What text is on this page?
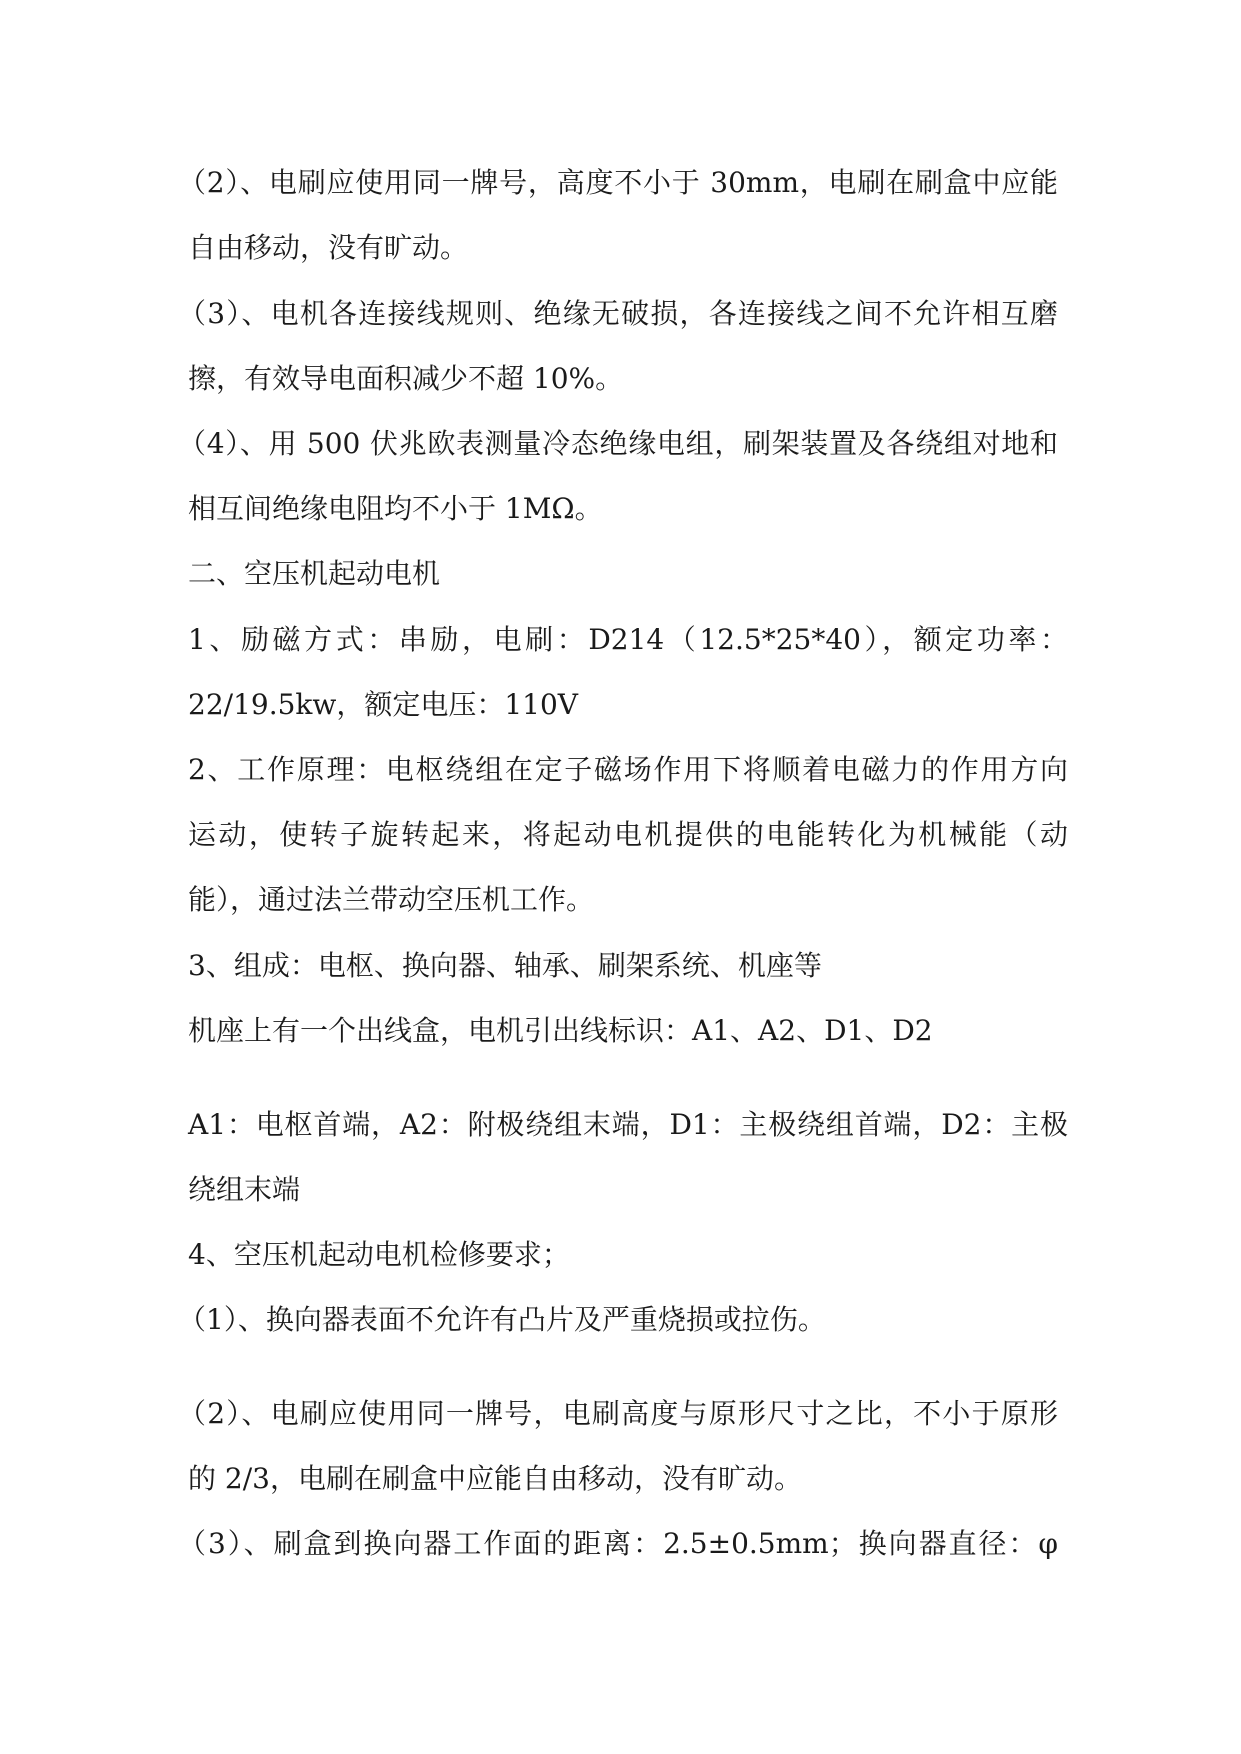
（2）、电刷应使用同一牌号，高度不小于 30mm，电刷在刷盒中应能
自由移动，没有旷动。
（3）、电机各连接线规则、绝缘无破损，各连接线之间不允许相互磨
擦，有效导电面积减少不超 10%。
（4）、用 500 伏兆欧表测量冷态绝缘电组，刷架装置及各绕组对地和
相互间绝缘电阻均不小于 1MΩ。
二、空压机起动电机
1、励磁方式：串励，电刷：D214（12.5*25*40），额定功率：
22/19.5kw，额定电压：110V
2、工作原理：电枢绕组在定子磁场作用下将顺着电磁力的作用方向
运动，使转子旋转起来，将起动电机提供的电能转化为机械能（动
能），通过法兰带动空压机工作。
3、组成：电枢、换向器、轴承、刷架系统、机座等
机座上有一个出线盒，电机引出线标识：A1、A2、D1、D2
A1：电枢首端，A2：附极绕组末端，D1：主极绕组首端，D2：主极
绕组末端
4、空压机起动电机检修要求；
（1）、换向器表面不允许有凸片及严重烧损或拉伤。
（2）、电刷应使用同一牌号，电刷高度与原形尺寸之比，不小于原形
的 2/3，电刷在刷盒中应能自由移动，没有旷动。
（3）、刷盒到换向器工作面的距离：2.5±0.5mm；换向器直径：φ
